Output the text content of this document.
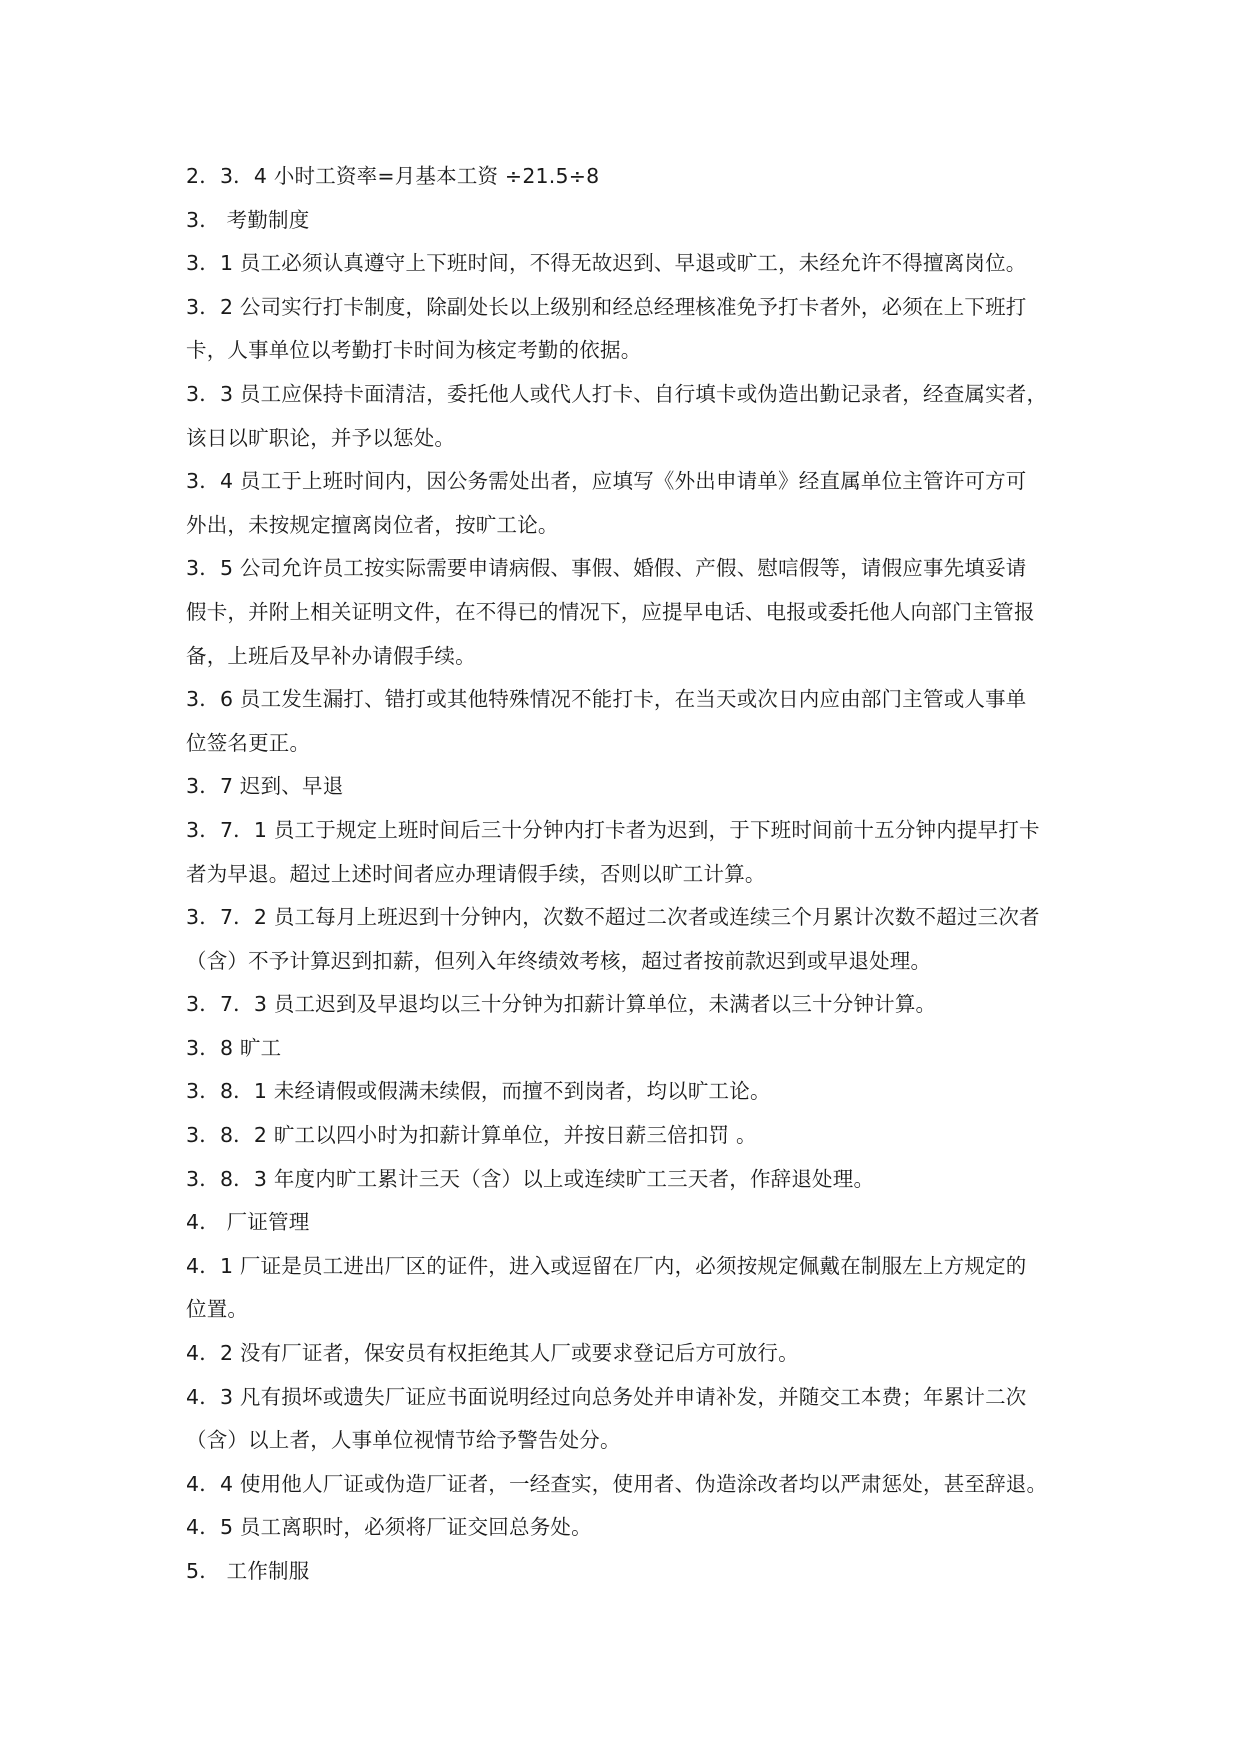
2．3．4 小时工资率=月基本工资 ÷21.5÷8
3． 考勤制度
3．1 员工必须认真遵守上下班时间，不得无故迟到、早退或旷工，未经允许不得擅离岗位。
3．2 公司实行打卡制度，除副处长以上级别和经总经理核准免予打卡者外，必须在上下班打
卡，人事单位以考勤打卡时间为核定考勤的依据。
3．3 员工应保持卡面清洁，委托他人或代人打卡、自行填卡或伪造出勤记录者，经查属实者，
该日以旷职论，并予以惩处。
3．4 员工于上班时间内，因公务需处出者，应填写《外出申请单》经直属单位主管许可方可
外出，未按规定擅离岗位者，按旷工论。
3．5 公司允许员工按实际需要申请病假、事假、婚假、产假、慰唁假等，请假应事先填妥请
假卡，并附上相关证明文件，在不得已的情况下，应提早电话、电报或委托他人向部门主管报
备，上班后及早补办请假手续。
3．6 员工发生漏打、错打或其他特殊情况不能打卡，在当天或次日内应由部门主管或人事单
位签名更正。
3．7 迟到、早退
3．7．1 员工于规定上班时间后三十分钟内打卡者为迟到，于下班时间前十五分钟内提早打卡
者为早退。超过上述时间者应办理请假手续，否则以旷工计算。
3．7．2 员工每月上班迟到十分钟内，次数不超过二次者或连续三个月累计次数不超过三次者
（含）不予计算迟到扣薪，但列入年终绩效考核，超过者按前款迟到或早退处理。
3．7．3 员工迟到及早退均以三十分钟为扣薪计算单位，未满者以三十分钟计算。
3．8 旷工
3．8．1 未经请假或假满未续假，而擅不到岗者，均以旷工论。
3．8．2 旷工以四小时为扣薪计算单位，并按日薪三倍扣罚 。
3．8．3 年度内旷工累计三天（含）以上或连续旷工三天者，作辞退处理。
4． 厂证管理
4．1 厂证是员工进出厂区的证件，进入或逗留在厂内，必须按规定佩戴在制服左上方规定的
位置。
4．2 没有厂证者，保安员有权拒绝其人厂或要求登记后方可放行。
4．3 凡有损坏或遗失厂证应书面说明经过向总务处并申请补发，并随交工本费；年累计二次
（含）以上者，人事单位视情节给予警告处分。
4．4 使用他人厂证或伪造厂证者，一经查实，使用者、伪造涂改者均以严肃惩处，甚至辞退。
4．5 员工离职时，必须将厂证交回总务处。
5． 工作制服
